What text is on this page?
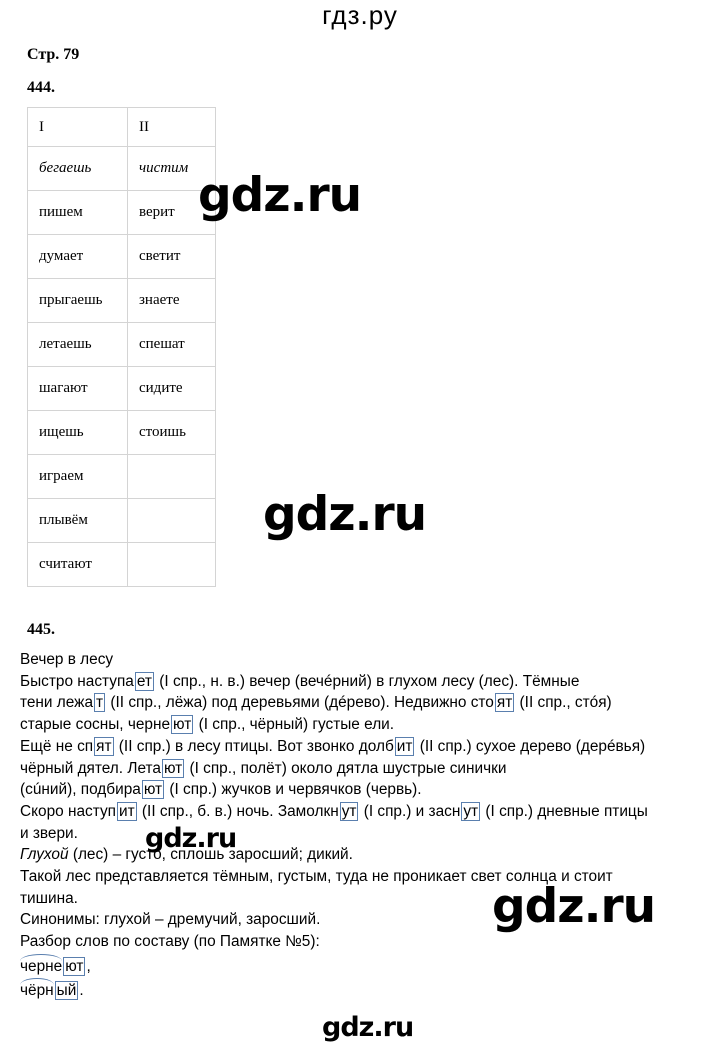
гдз.ру
Стр. 79
444.
I	II
бегаешь	чистим
пишем	верит
думает	светит
прыгаешь	знаете
летаешь	спешат
шагают	сидите
ищешь	стоишь
играем	
плывём	
считают	
gdz.ru
gdz.ru
445.

Вечер в лесу

Быстро наступа ет (I спр., н. в.) вечер (вечéрний) в глухом лесу (лес). Тёмные

тени лежа т (II спр., лёжа) под деревьями (дéрево). Недвижно сто ят (II спр., стóя)

старые сосны, черне ют (I спр., чёрный) густые ели.

Ещё не сп ят (II спр.) в лесу птицы. Вот звонко долб ит (II спр.) сухое дерево (дерéвья)

чёрный дятел. Лета ют (I спр., полёт) около дятла шустрые синички

(сúний), подбира ют (I спр.) жучков и червячков (червь).

Скоро наступ ит (II спр., б. в.) ночь. Замолкн ут (I спр.) и засн ут (I спр.) дневные птицы

и звери.

Глухой (лес) – густо, сплошь заросший; дикий.

Такой лес представляется тёмным, густым, туда не проникает свет солнца и стоит

тишина.

Синонимы: глухой – дремучий, заросший.

Разбор слов по составу (по Памятке №5):

черне ют ,

чёрн ый .

gdz.ru
gdz.ru
gdz.ru
